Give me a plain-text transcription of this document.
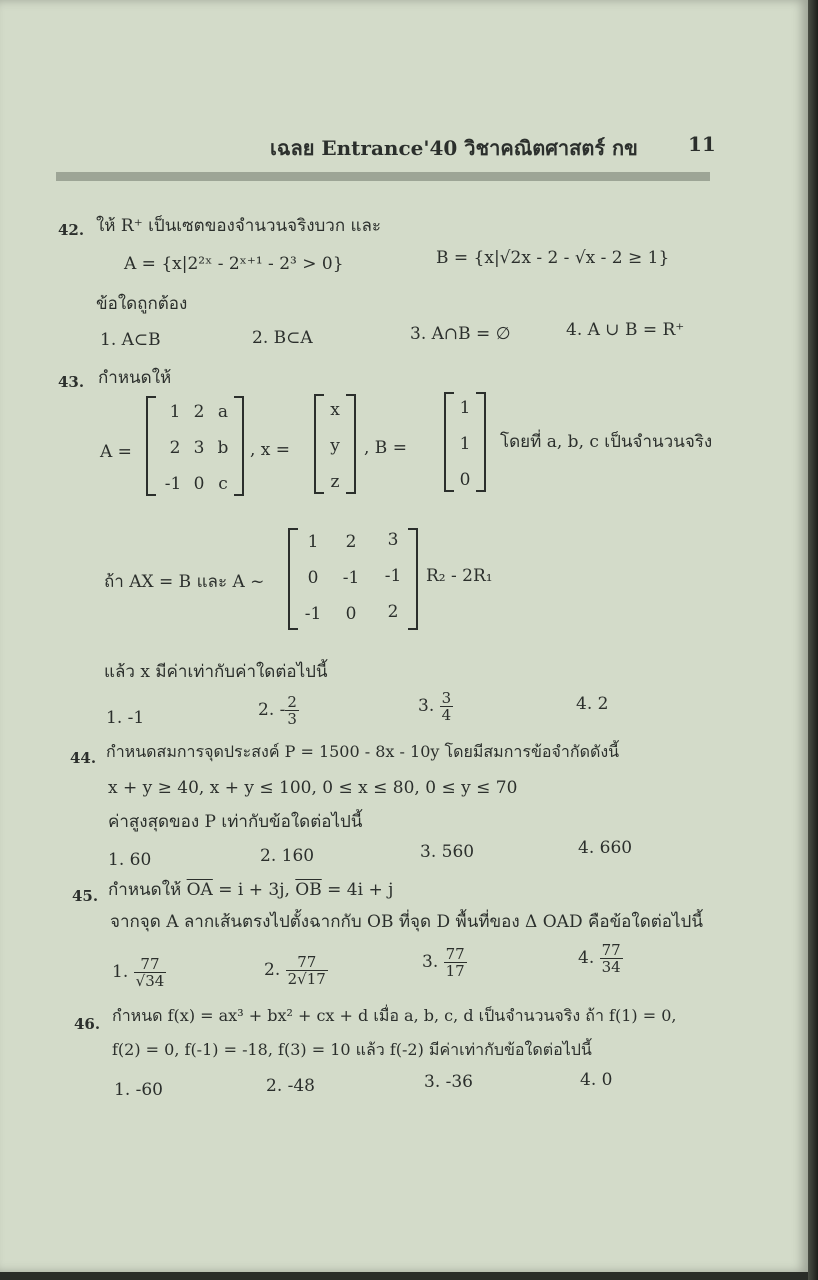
เฉลย Entrance'40 วิชาคณิตศาสตร์ กข	11
42. ให้ R⁺ เป็นเซตของจำนวนจริงบวก และ
A = {x|2²ˣ - 2ˣ⁺¹ - 2³ > 0}	B = {x|√2x - 2 - √x - 2 ≥ 1}
ข้อใดถูกต้อง
1. A⊂B	2. B⊂A	3. A∩B = ∅	4. A ∪ B = R⁺
43. กำหนดให้
A =
1 2 a
2 3 b
-1 0 c
, x =
x
y
z
, B =
1
1
0
โดยที่ a, b, c เป็นจำนวนจริง
ถ้า AX = B และ A ~
1	2	3
0	-1	-1
-1	0	2
R₂ - 2R₁
แล้ว x มีค่าเท่ากับค่าใดต่อไปนี้
1. -1	2. - $\frac{2}{3}$	3. $\frac{3}{4}$	4. 2
44. กำหนดสมการจุดประสงค์ P = 1500 - 8x - 10y โดยมีสมการข้อจำกัดดังนี้
x + y ≥ 40, x + y ≤ 100, 0 ≤ x ≤ 80, 0 ≤ y ≤ 70
ค่าสูงสุดของ P เท่ากับข้อใดต่อไปนี้
1. 60	2. 160	3. 560	4. 660
45. กำหนดให้ $\overline{OA} = i + 3j$, $\overline{OB} = 4i + j$
จากจุด A ลากเส้นตรงไปตั้งฉากกับ OB ที่จุด D พื้นที่ของ Δ OAD คือข้อใดต่อไปนี้
1. $\frac{77}{√34}$	2. $\frac{77}{2√17}$	3. $\frac{77}{17}$	4. $\frac{77}{34}$
46. กำหนด f(x) = ax³ + bx² + cx + d เมื่อ a, b, c, d เป็นจำนวนจริง ถ้า f(1) = 0,
f(2) = 0, f(-1) = -18, f(3) = 10 แล้ว f(-2) มีค่าเท่ากับข้อใดต่อไปนี้
1. -60	2. -48	3. -36	4. 0
